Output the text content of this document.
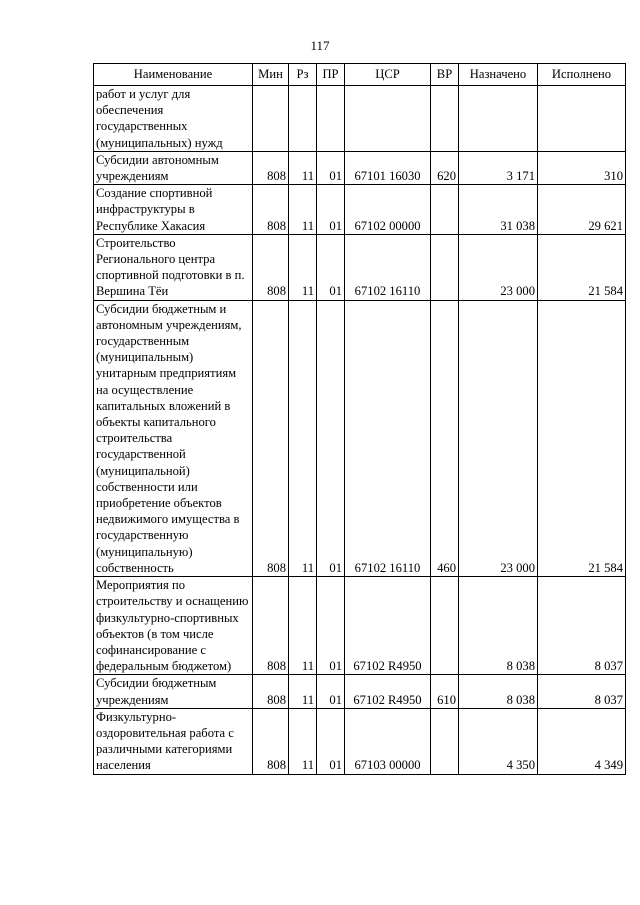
117
Наименование	Мин	Рз	ПР	ЦСР	ВР	Назначено	Исполнено
работ и услуг для обеспечения государственных (муниципальных) нужд							
Субсидии автономным учреждениям	808	11	01	67101 16030	620	3 171	310
Создание спортивной инфраструктуры в Республике Хакасия	808	11	01	67102 00000		31 038	29 621
Строительство Регионального центра спортивной подготовки в п. Вершина Тёи	808	11	01	67102 16110		23 000	21 584
Субсидии бюджетным и автономным учреждениям, государственным (муниципальным) унитарным предприятиям на осуществление капитальных вложений в объекты капитального строительства государственной (муниципальной) собственности или приобретение объектов недвижимого имущества в государственную (муниципальную) собственность	808	11	01	67102 16110	460	23 000	21 584
Мероприятия по строительству и оснащению физкультурно-спортивных объектов (в том числе софинансирование с федеральным бюджетом)	808	11	01	67102 R4950		8 038	8 037
Субсидии бюджетным учреждениям	808	11	01	67102 R4950	610	8 038	8 037
Физкультурно-оздоровительная работа с различными категориями населения	808	11	01	67103 00000		4 350	4 349
